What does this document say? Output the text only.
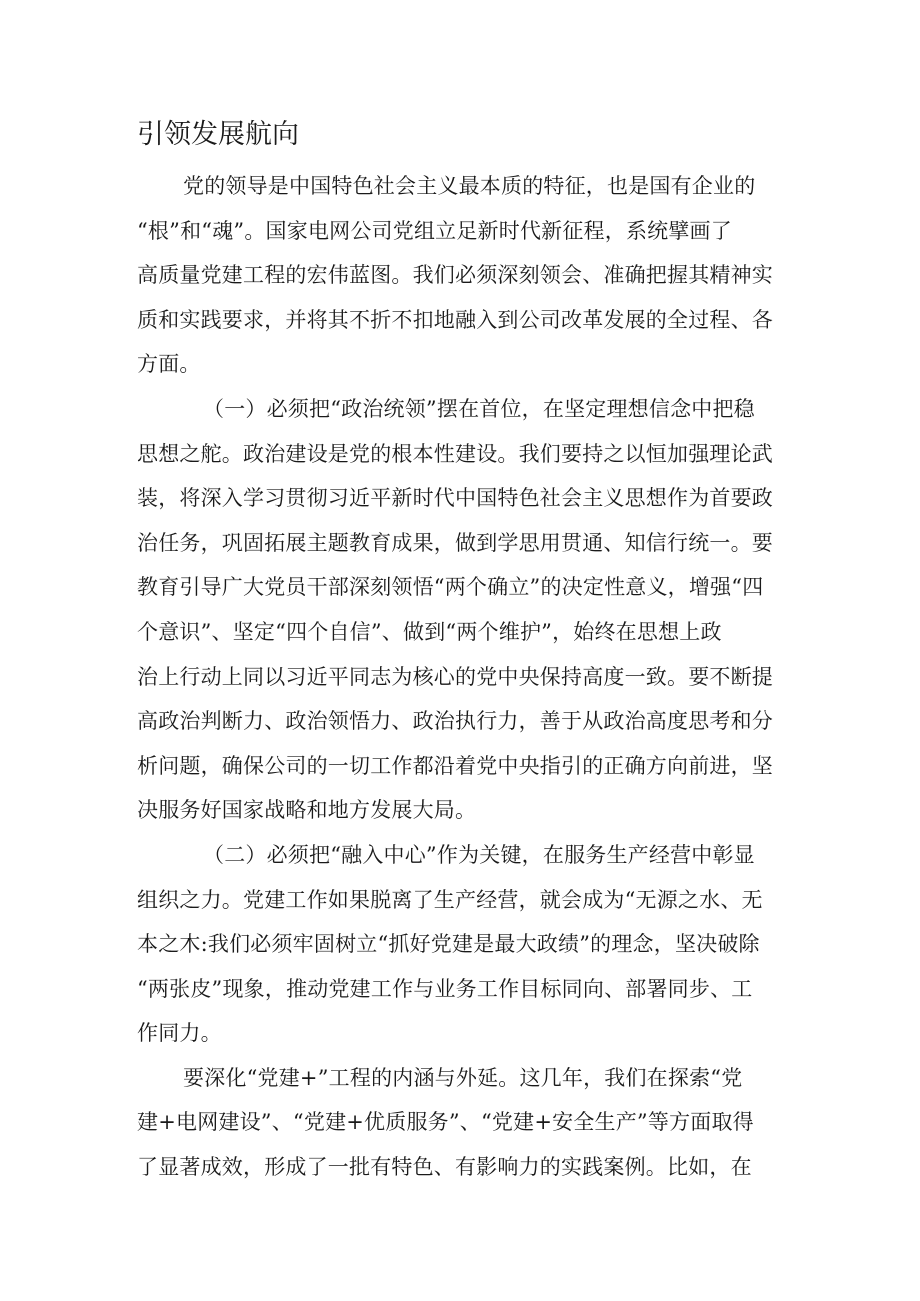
引领发展航向

党的领导是中国特色社会主义最本质的特征，也是国有企业的
“根”和“魂”。国家电网公司党组立足新时代新征程，系统擘画了
高质量党建工程的宏伟蓝图。我们必须深刻领会、准确把握其精神实
质和实践要求，并将其不折不扣地融入到公司改革发展的全过程、各
方面。

（一）必须把“政治统领”摆在首位，在坚定理想信念中把稳
思想之舵。政治建设是党的根本性建设。我们要持之以恒加强理论武
装，将深入学习贯彻习近平新时代中国特色社会主义思想作为首要政
治任务，巩固拓展主题教育成果，做到学思用贯通、知信行统一。要
教育引导广大党员干部深刻领悟“两个确立”的决定性意义，增强“四
个意识”、坚定“四个自信”、做到“两个维护”，始终在思想上政
治上行动上同以习近平同志为核心的党中央保持高度一致。要不断提
高政治判断力、政治领悟力、政治执行力，善于从政治高度思考和分
析问题，确保公司的一切工作都沿着党中央指引的正确方向前进，坚
决服务好国家战略和地方发展大局。

（二）必须把“融入中心”作为关键，在服务生产经营中彰显
组织之力。党建工作如果脱离了生产经营，就会成为“无源之水、无
本之木:我们必须牢固树立“抓好党建是最大政绩”的理念，坚决破除
“两张皮”现象，推动党建工作与业务工作目标同向、部署同步、工
作同力。

要深化“党建+”工程的内涵与外延。这几年，我们在探索“党
建+电网建设”、“党建+优质服务”、“党建+安全生产”等方面取得
了显著成效，形成了一批有特色、有影响力的实践案例。比如，在
